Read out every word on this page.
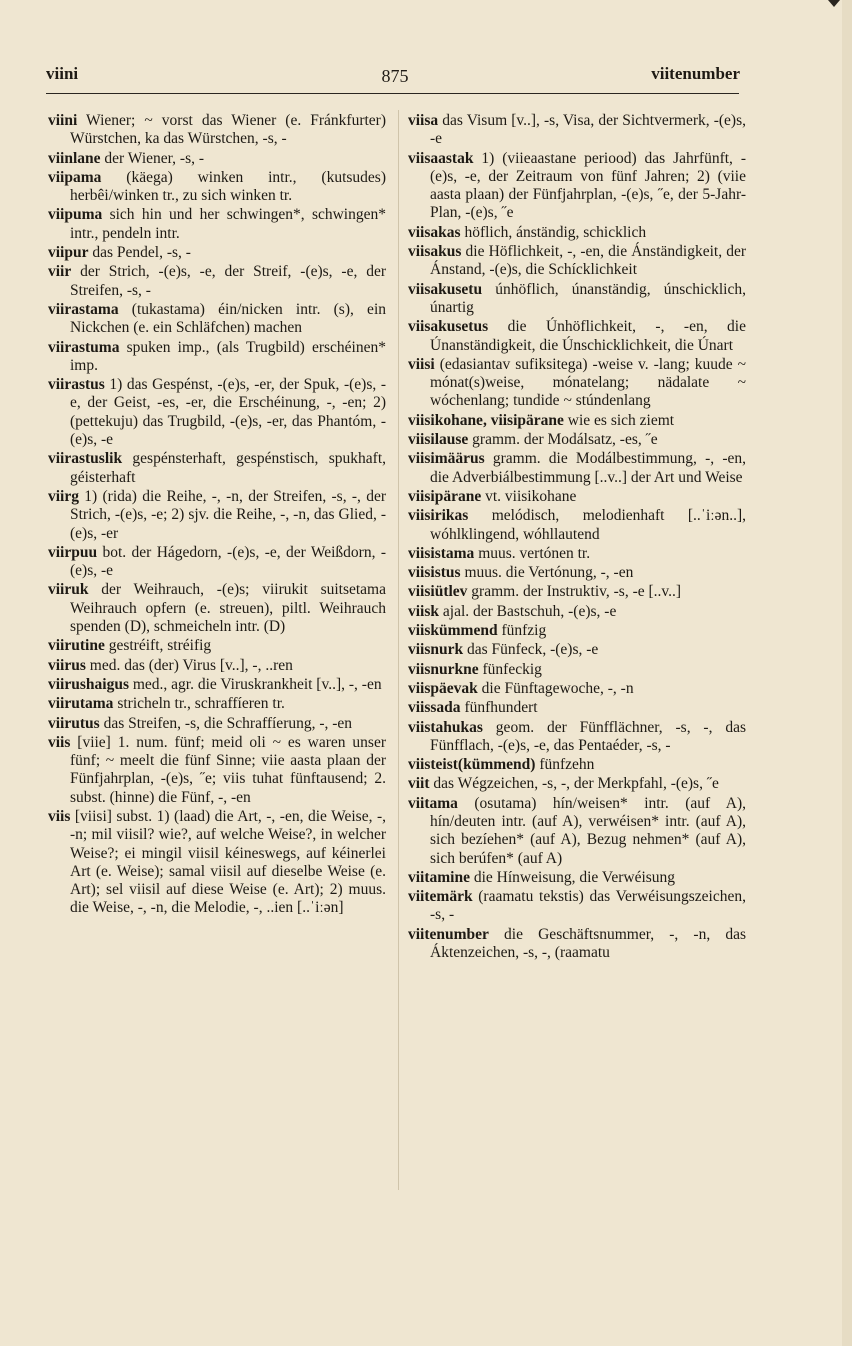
viini	875	viitenumber

viini Wiener; ~ vorst das Wiener (e. Fránkfurter) Würstchen, ka das Würstchen, -s, -

viinlane der Wiener, -s, -

viipama (käega) winken intr., (kutsudes) herbêi/winken tr., zu sich winken tr.

viipuma sich hin und her schwingen*, schwingen* intr., pendeln intr.

viipur das Pendel, -s, -

viir der Strich, -(e)s, -e, der Streif, -(e)s, -e, der Streifen, -s, -

viirastama (tukastama) éin/nicken intr. (s), ein Nickchen (e. ein Schläfchen) machen

viirastuma spuken imp., (als Trugbild) erschéinen* imp.

viirastus 1) das Gespénst, -(e)s, -er, der Spuk, -(e)s, -e, der Geist, -es, -er, die Erschéinung, -, -en; 2) (pettekuju) das Trugbild, -(e)s, -er, das Phantóm, -(e)s, -e

viirastuslik gespénsterhaft, gespénstisch, spukhaft, géisterhaft

viirg 1) (rida) die Reihe, -, -n, der Streifen, -s, -, der Strich, -(e)s, -e; 2) sjv. die Reihe, -, -n, das Glied, -(e)s, -er

viirpuu bot. der Hágedorn, -(e)s, -e, der Weißdorn, -(e)s, -e

viiruk der Weihrauch, -(e)s; viirukit suitsetama Weihrauch opfern (e. streuen), piltl. Weihrauch spenden (D), schmeicheln intr. (D)

viirutine gestréift, stréifig

viirus med. das (der) Virus [v..], -, ..ren

viirushaigus med., agr. die Viruskrankheit [v..], -, -en

viirutama stricheln tr., schraffíeren tr.

viirutus das Streifen, -s, die Schraffíerung, -, -en

viis [viie] 1. num. fünf; meid oli ~ es waren unser fünf; ~ meelt die fünf Sinne; viie aasta plaan der Fünfjahrplan, -(e)s, ˝e; viis tuhat fünftausend; 2. subst. (hinne) die Fünf, -, -en

viis [viisi] subst. 1) (laad) die Art, -, -en, die Weise, -, -n; mil viisil? wie?, auf welche Weise?, in welcher Weise?; ei mingil viisil kéineswegs, auf kéinerlei Art (e. Weise); samal viisil auf dieselbe Weise (e. Art); sel viisil auf diese Weise (e. Art); 2) muus. die Weise, -, -n, die Melodie, -, ..ien [..ˈiːən]

viisa das Visum [v..], -s, Visa, der Sichtvermerk, -(e)s, -e

viisaastak 1) (viieaastane periood) das Jahrfünft, -(e)s, -e, der Zeitraum von fünf Jahren; 2) (viie aasta plaan) der Fünfjahrplan, -(e)s, ˝e, der 5-Jahr-Plan, -(e)s, ˝e

viisakas höflich, ánständig, schicklich

viisakus die Höflichkeit, -, -en, die Ánständigkeit, der Ánstand, -(e)s, die Schícklichkeit

viisakusetu únhöflich, únanständig, únschicklich, únartig

viisakusetus die Únhöflichkeit, -, -en, die Únanständigkeit, die Únschicklichkeit, die Únart

viisi (edasiantav sufiksitega) -weise v. -lang; kuude ~ mónat(s)weise, mónatelang; nädalate ~ wóchenlang; tundide ~ stúndenlang

viisikohane, viisipärane wie es sich ziemt

viisilause gramm. der Modálsatz, -es, ˝e

viisimäärus gramm. die Modálbestimmung, -, -en, die Adverbiálbestimmung [..v..] der Art und Weise

viisipärane vt. viisikohane

viisirikas melódisch, melodienhaft [..ˈiːən..], wóhlklingend, wóhllautend

viisistama muus. vertónen tr.

viisistus muus. die Vertónung, -, -en

viisiütlev gramm. der Instruktiv, -s, -e [..v..]

viisk ajal. der Bastschuh, -(e)s, -e

viiskümmend fünfzig

viisnurk das Fünfeck, -(e)s, -e

viisnurkne fünfeckig

viispäevak die Fünftagewoche, -, -n

viissada fünfhundert

viistahukas geom. der Fünfflächner, -s, -, das Fünfflach, -(e)s, -e, das Pentaéder, -s, -

viisteist(kümmend) fünfzehn

viit das Wégzeichen, -s, -, der Merkpfahl, -(e)s, ˝e

viitama (osutama) hín/weisen* intr. (auf A), hín/deuten intr. (auf A), verwéisen* intr. (auf A), sich bezíehen* (auf A), Bezug nehmen* (auf A), sich berúfen* (auf A)

viitamine die Hínweisung, die Verwéisung

viitemärk (raamatu tekstis) das Verwéisungszeichen, -s, -

viitenumber die Geschäftsnummer, -, -n, das Áktenzeichen, -s, -, (raamatu
